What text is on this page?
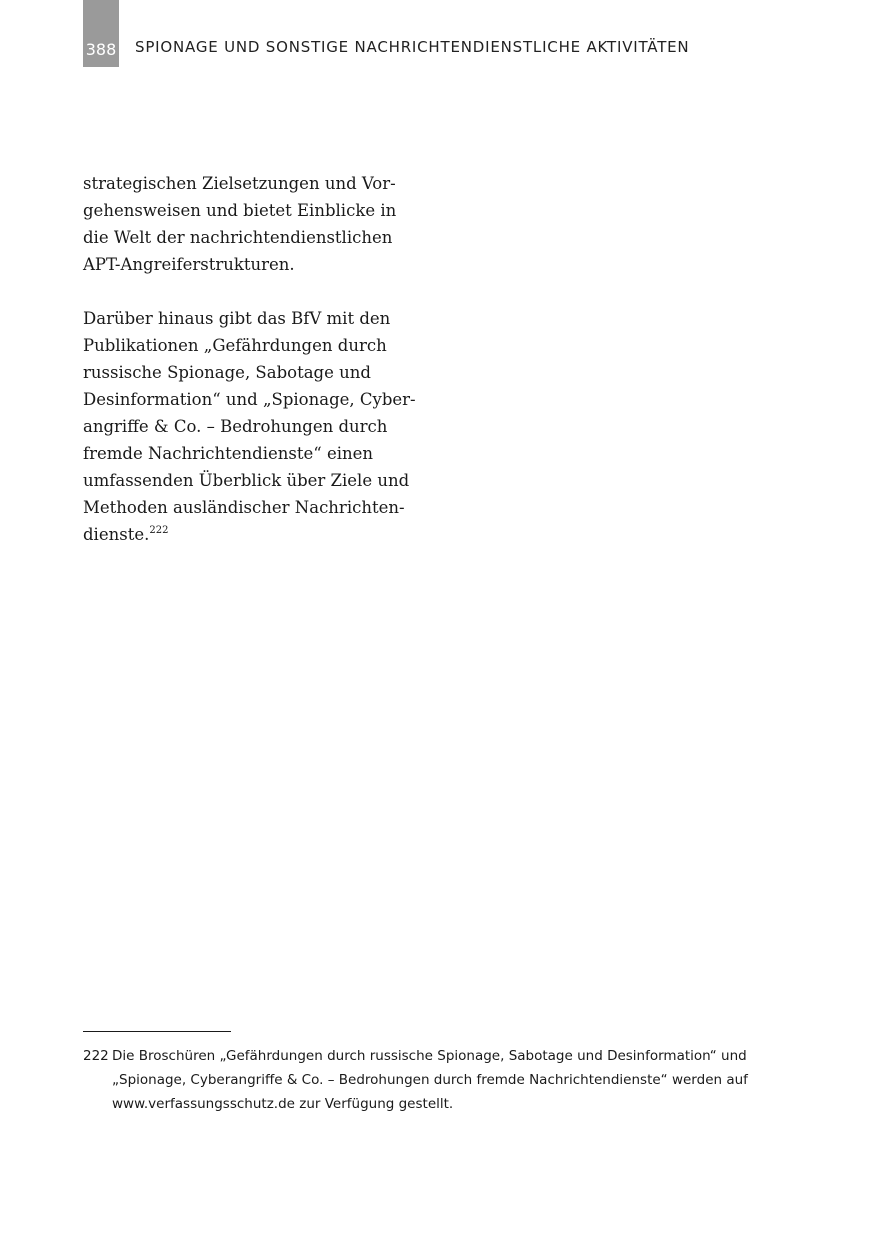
388 SPIONAGE UND SONSTIGE NACHRICHTENDIENSTLICHE AKTIVITÄTEN
strategischen Zielsetzungen und Vor-
gehensweisen und bietet Einblicke in
die Welt der nachrichtendienstlichen
APT-Angreiferstrukturen.
Darüber hinaus gibt das BfV mit den
Publikationen „Gefährdungen durch
russische Spionage, Sabotage und
Desinformation“ und „Spionage, Cyber-
angriffe & Co. – Bedrohungen durch
fremde Nachrichtendienste“ einen
umfassenden Überblick über Ziele und
Methoden ausländischer Nachrichten-
dienste.$^{222}$
222 Die Broschüren „Gefährdungen durch russische Spionage, Sabotage und Desinformation“ und
„Spionage, Cyberangriffe & Co. – Bedrohungen durch fremde Nachrichtendienste“ werden auf
www.verfassungsschutz.de zur Verfügung gestellt.
